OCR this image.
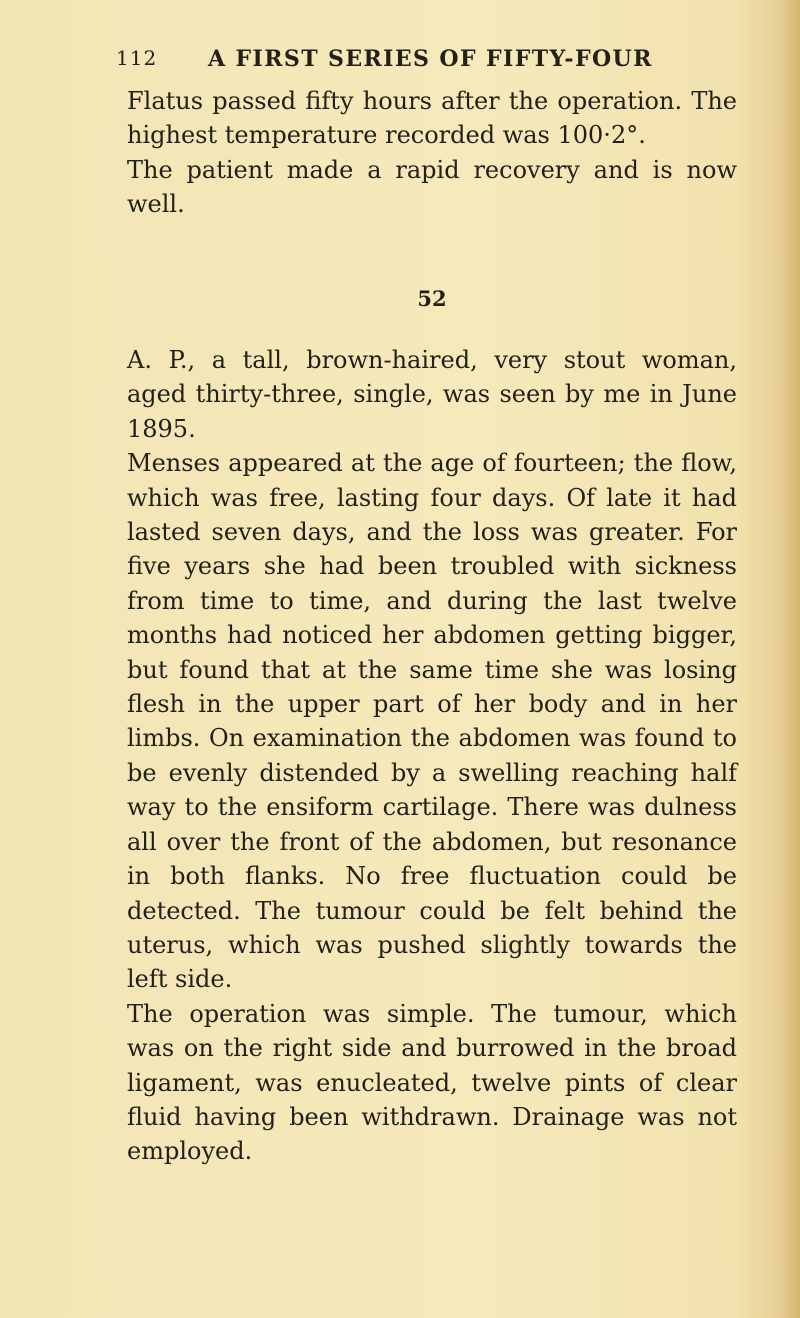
112 A FIRST SERIES OF FIFTY-FOUR

Flatus passed fifty hours after the operation. The highest temperature recorded was 100·2°.

The patient made a rapid recovery and is now well.

52

A. P., a tall, brown-haired, very stout woman, aged thirty-three, single, was seen by me in June 1895.

Menses appeared at the age of fourteen; the flow, which was free, lasting four days. Of late it had lasted seven days, and the loss was greater. For five years she had been troubled with sickness from time to time, and during the last twelve months had noticed her abdomen getting bigger, but found that at the same time she was losing flesh in the upper part of her body and in her limbs. On examination the abdomen was found to be evenly distended by a swelling reaching half way to the ensiform cartilage. There was dulness all over the front of the abdomen, but resonance in both flanks. No free fluctuation could be detected. The tumour could be felt behind the uterus, which was pushed slightly towards the left side.

The operation was simple. The tumour, which was on the right side and burrowed in the broad ligament, was enucleated, twelve pints of clear fluid having been withdrawn. Drainage was not employed.
